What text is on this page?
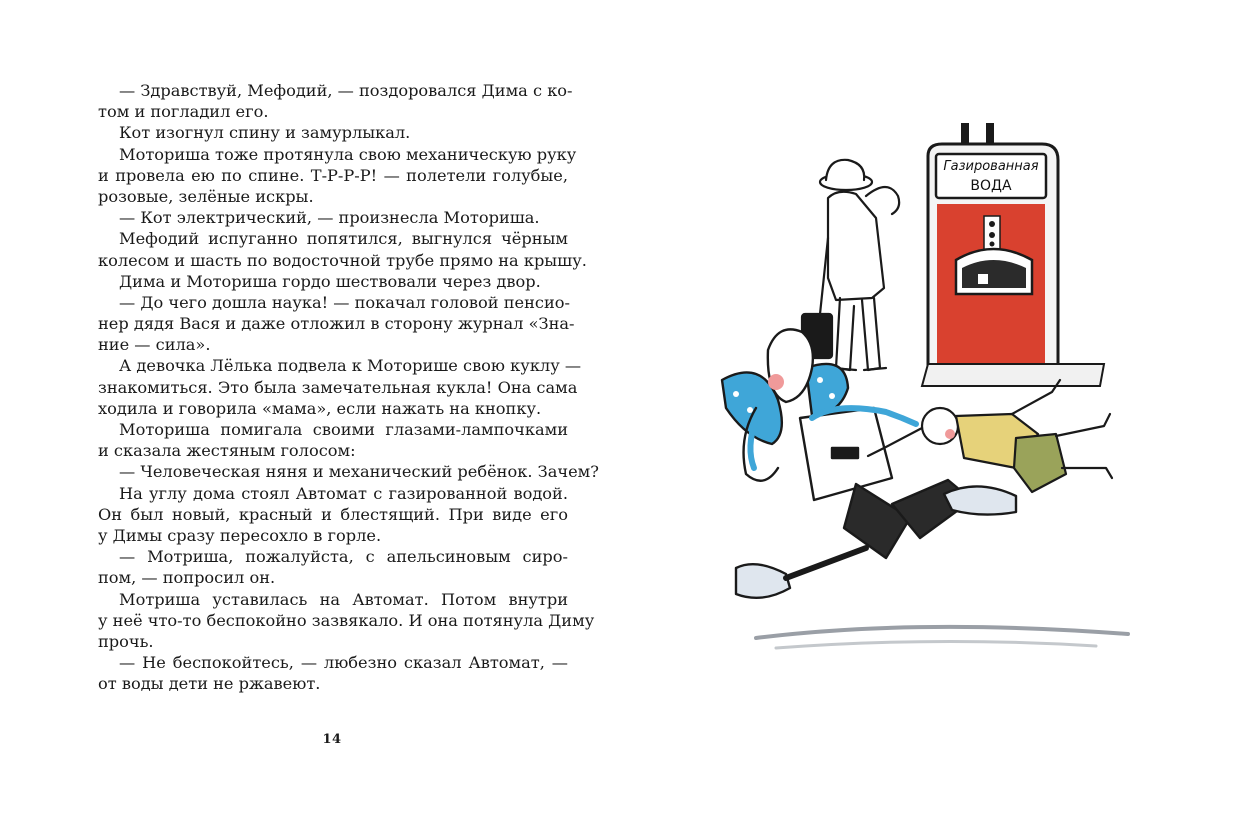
— Здравствуй, Мефодий, — поздоровался Дима с ко-
том и погладил его.
Кот изогнул спину и замурлыкал.
Моториша тоже протянула свою механическую руку
и провела ею по спине. Т-Р-Р-Р! — полетели голубые,
розовые, зелёные искры.
— Кот электрический, — произнесла Моториша.
Мефодий испуганно попятился, выгнулся чёрным
колесом и шасть по водосточной трубе прямо на крышу.
Дима и Моториша гордо шествовали через двор.
— До чего дошла наука! — покачал головой пенсио-
нер дядя Вася и даже отложил в сторону журнал «Зна-
ние — сила».
А девочка Лёлька подвела к Моторише свою куклу —
знакомиться. Это была замечательная кукла! Она сама
ходила и говорила «мама», если нажать на кнопку.
Моториша помигала своими глазами-лампочками
и сказала жестяным голосом:
— Человеческая няня и механический ребёнок. Зачем?
На углу дома стоял Автомат с газированной водой.
Он был новый, красный и блестящий. При виде его
у Димы сразу пересохло в горле.
— Мотриша, пожалуйста, с апельсиновым сиро-
пом, — попросил он.
Мотриша уставилась на Автомат. Потом внутри
у неё что-то беспокойно зазвякало. И она потянула Диму
прочь.
— Не беспокойтесь, — любезно сказал Автомат, —
от воды дети не ржавеют.
14
Газированная
ВОДА
